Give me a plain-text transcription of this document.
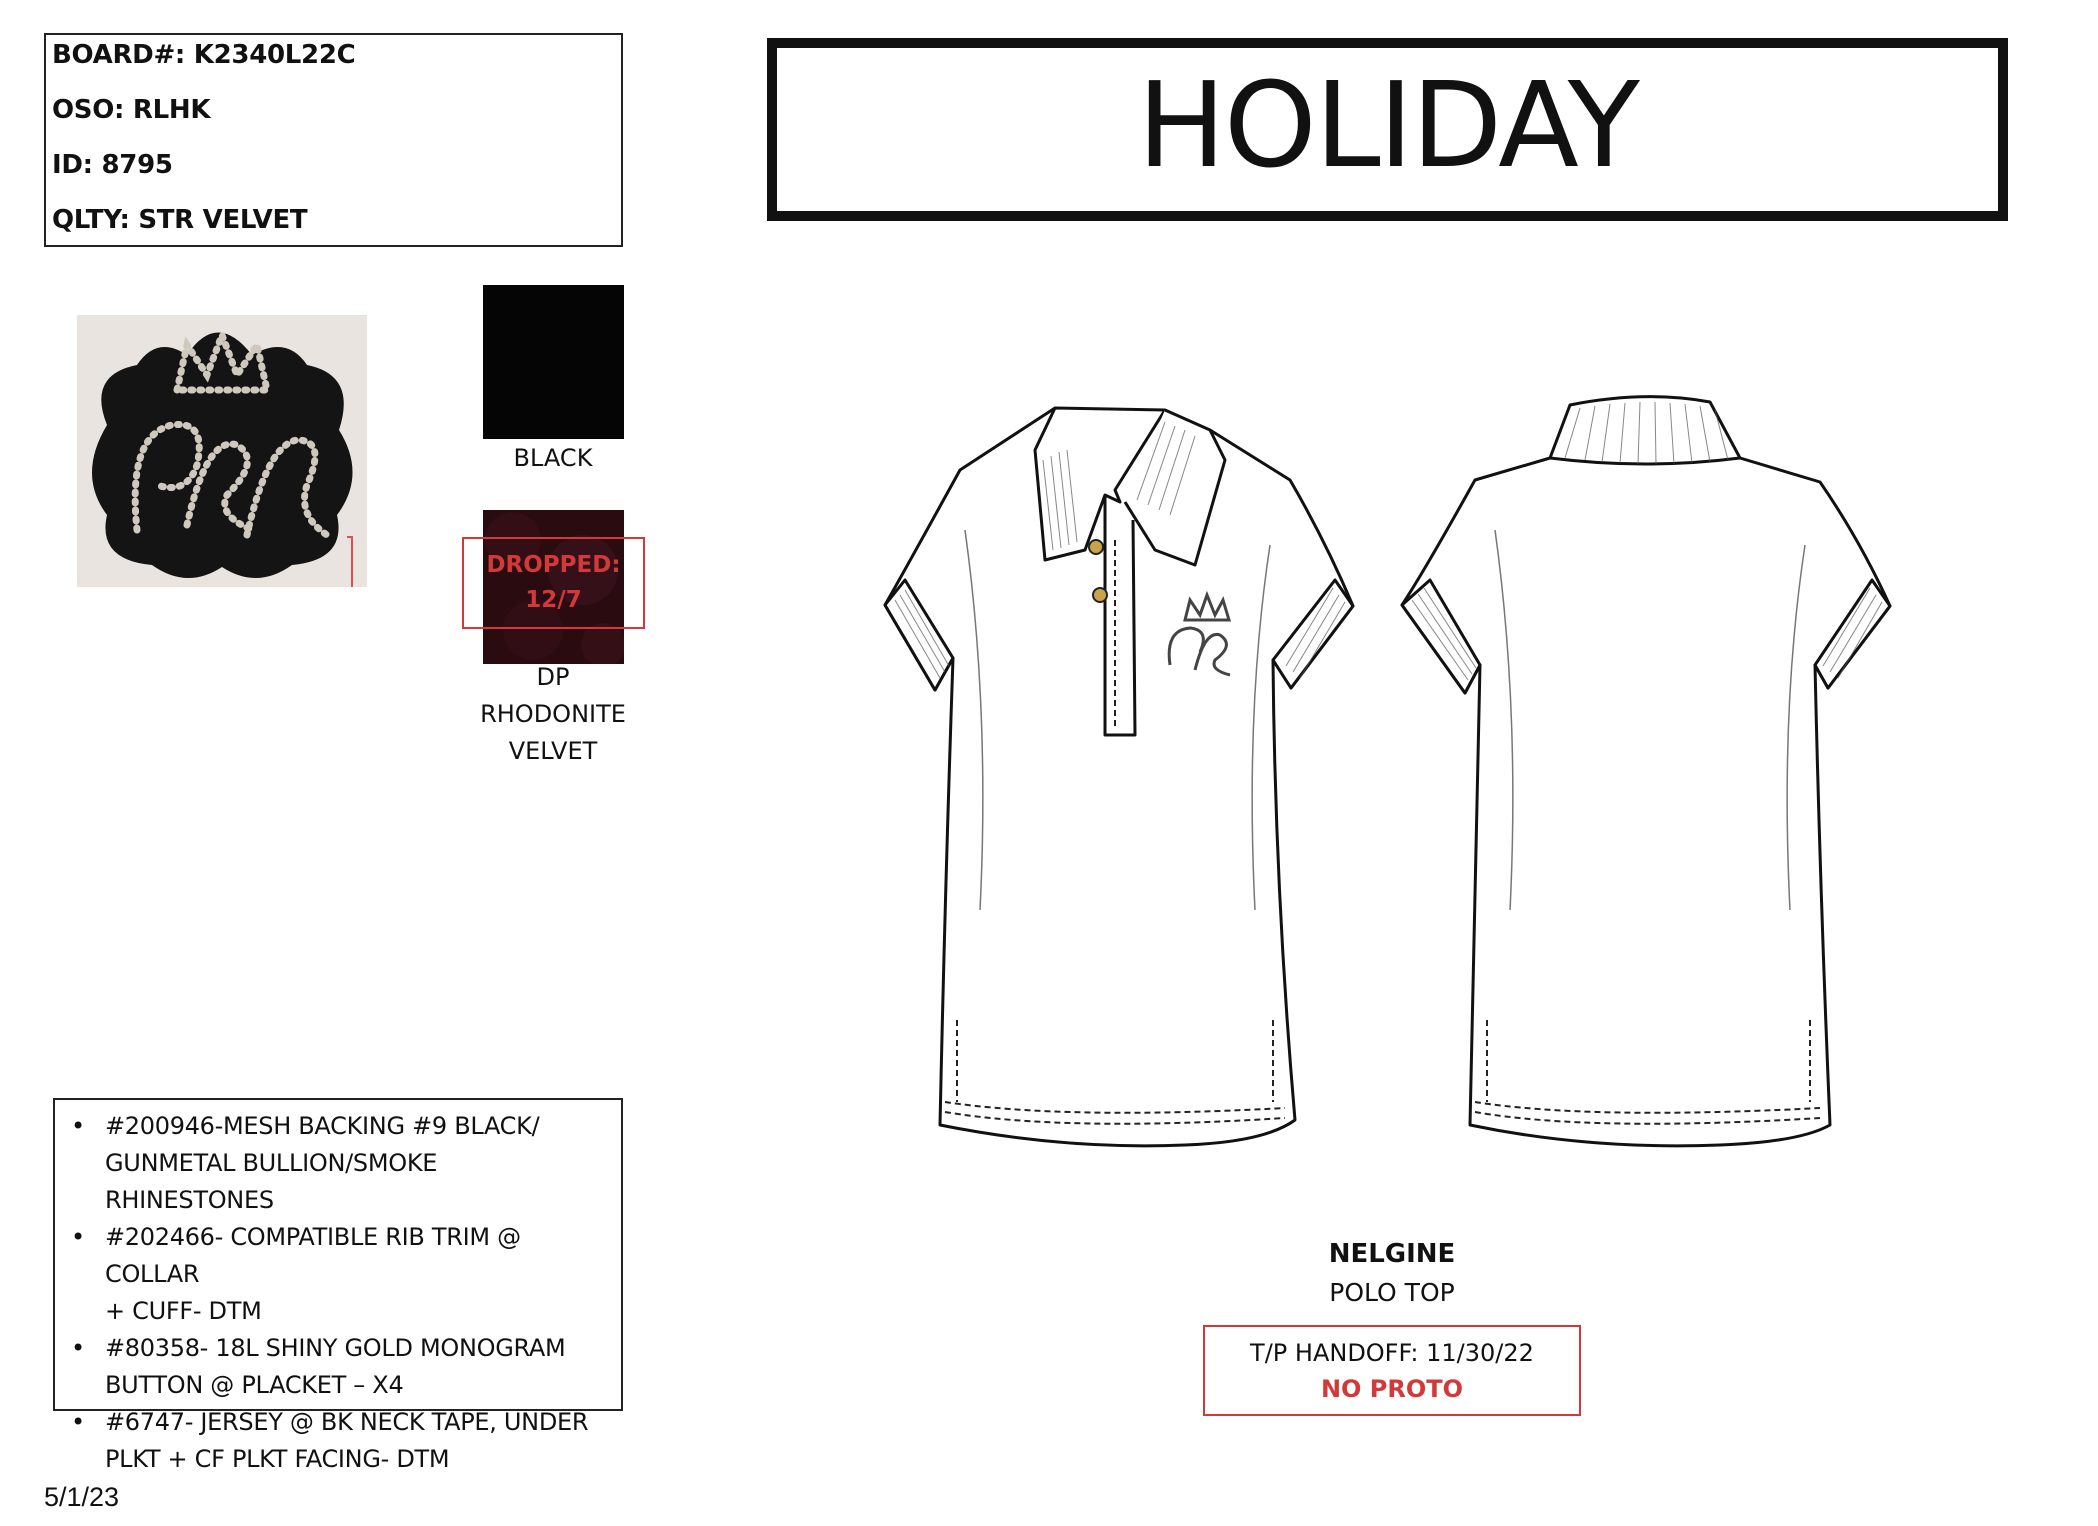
BOARD#: K2340L22C
OSO: RLHK
ID: 8795
QLTY: STR VELVET
HOLIDAY
RLL
BLACK
DROPPED:
12/7
DP
RHODONITE
VELVET
• #200946-MESH BACKING #9 BLACK/
GUNMETAL BULLION/SMOKE RHINESTONES
• #202466- COMPATIBLE RIB TRIM @ COLLAR
+ CUFF- DTM
• #80358- 18L SHINY GOLD MONOGRAM
BUTTON @ PLACKET – X4
• #6747- JERSEY @ BK NECK TAPE, UNDER
PLKT + CF PLKT FACING- DTM
NELGINE
POLO TOP
T/P HANDOFF: 11/30/22
NO PROTO
5/1/23
